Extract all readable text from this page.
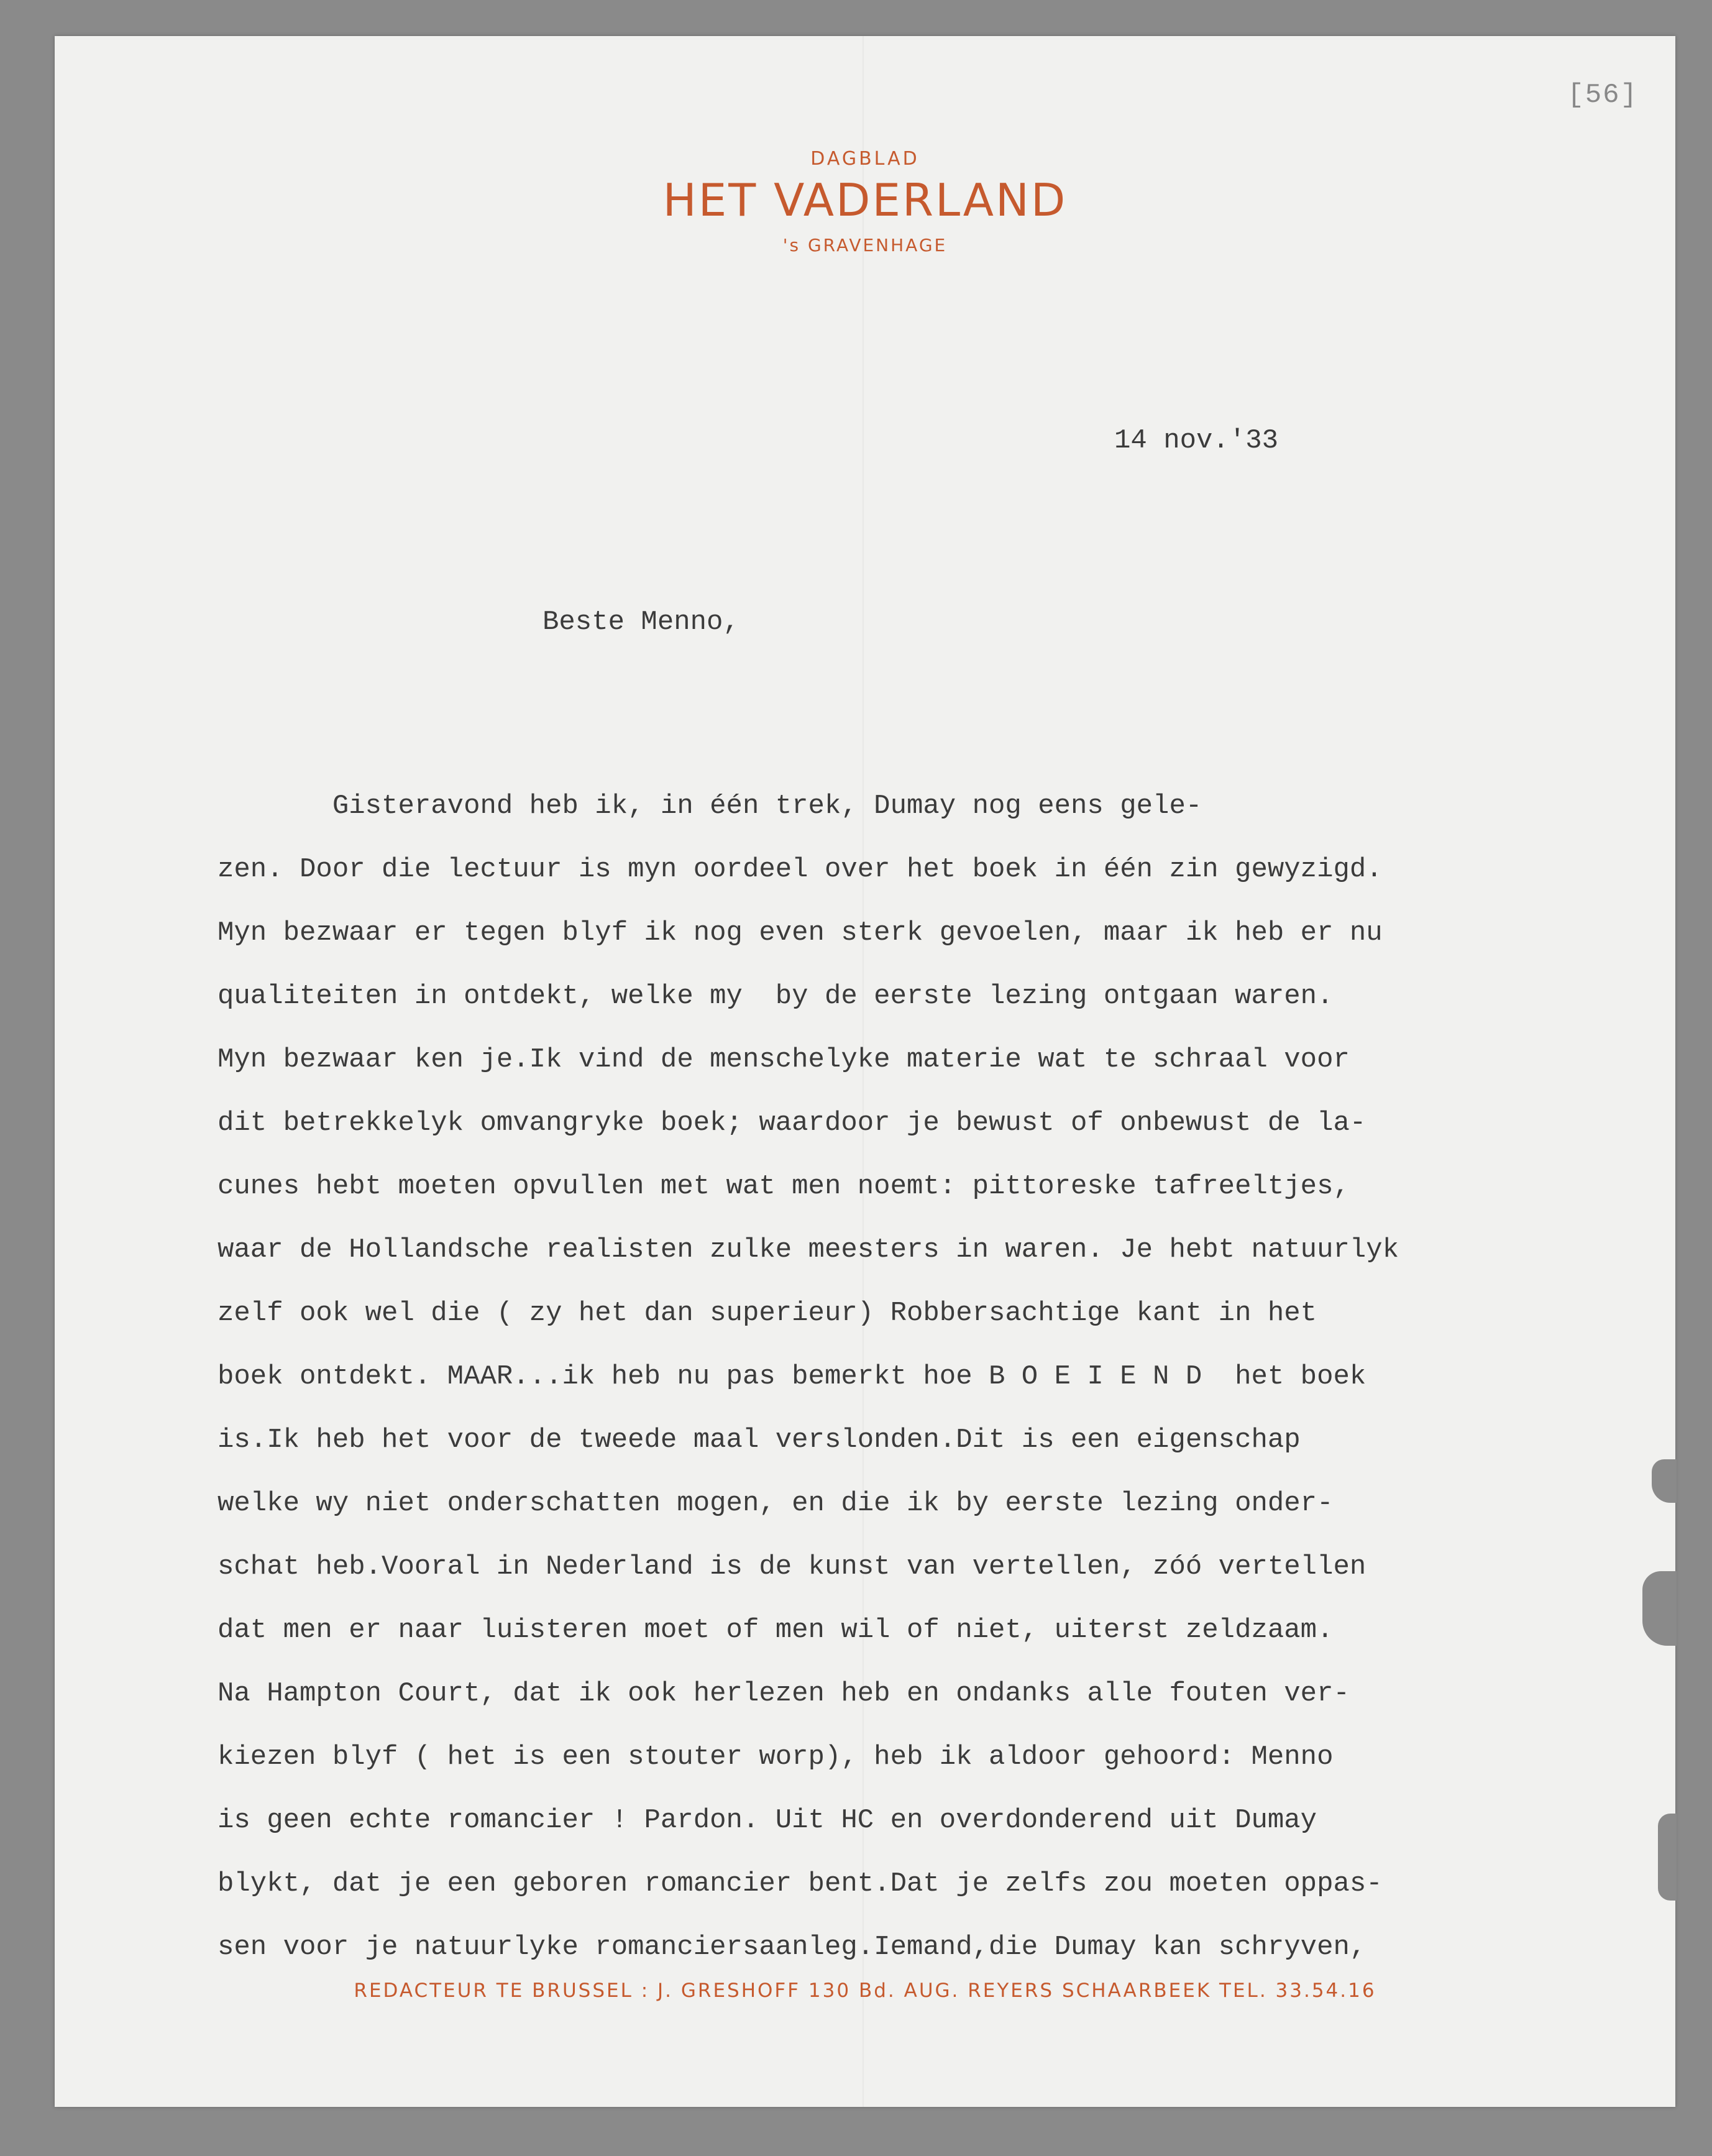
[56]
DAGBLAD
HET VADERLAND
's GRAVENHAGE
14 nov.'33
Beste Menno,
Gisteravond heb ik, in één trek, Dumay nog eens gele-
zen. Door die lectuur is myn oordeel over het boek in één zin gewyzigd.
Myn bezwaar er tegen blyf ik nog even sterk gevoelen, maar ik heb er nu
qualiteiten in ontdekt, welke my  by de eerste lezing ontgaan waren.
Myn bezwaar ken je.Ik vind de menschelyke materie wat te schraal voor
dit betrekkelyk omvangryke boek; waardoor je bewust of onbewust de la-
cunes hebt moeten opvullen met wat men noemt: pittoreske tafreeltjes,
waar de Hollandsche realisten zulke meesters in waren. Je hebt natuurlyk
zelf ook wel die ( zy het dan superieur) Robbersachtige kant in het
boek ontdekt. MAAR...ik heb nu pas bemerkt hoe B O E I E N D  het boek
is.Ik heb het voor de tweede maal verslonden.Dit is een eigenschap
welke wy niet onderschatten mogen, en die ik by eerste lezing onder-
schat heb.Vooral in Nederland is de kunst van vertellen, zóó vertellen
dat men er naar luisteren moet of men wil of niet, uiterst zeldzaam.
Na Hampton Court, dat ik ook herlezen heb en ondanks alle fouten ver-
kiezen blyf ( het is een stouter worp), heb ik aldoor gehoord: Menno
is geen echte romancier ! Pardon. Uit HC en overdonderend uit Dumay
blykt, dat je een geboren romancier bent.Dat je zelfs zou moeten oppas-
sen voor je natuurlyke romanciersaanleg.Iemand,die Dumay kan schryven,
REDACTEUR TE BRUSSEL : J. GRESHOFF 130 Bd. AUG. REYERS SCHAARBEEK TEL. 33.54.16
